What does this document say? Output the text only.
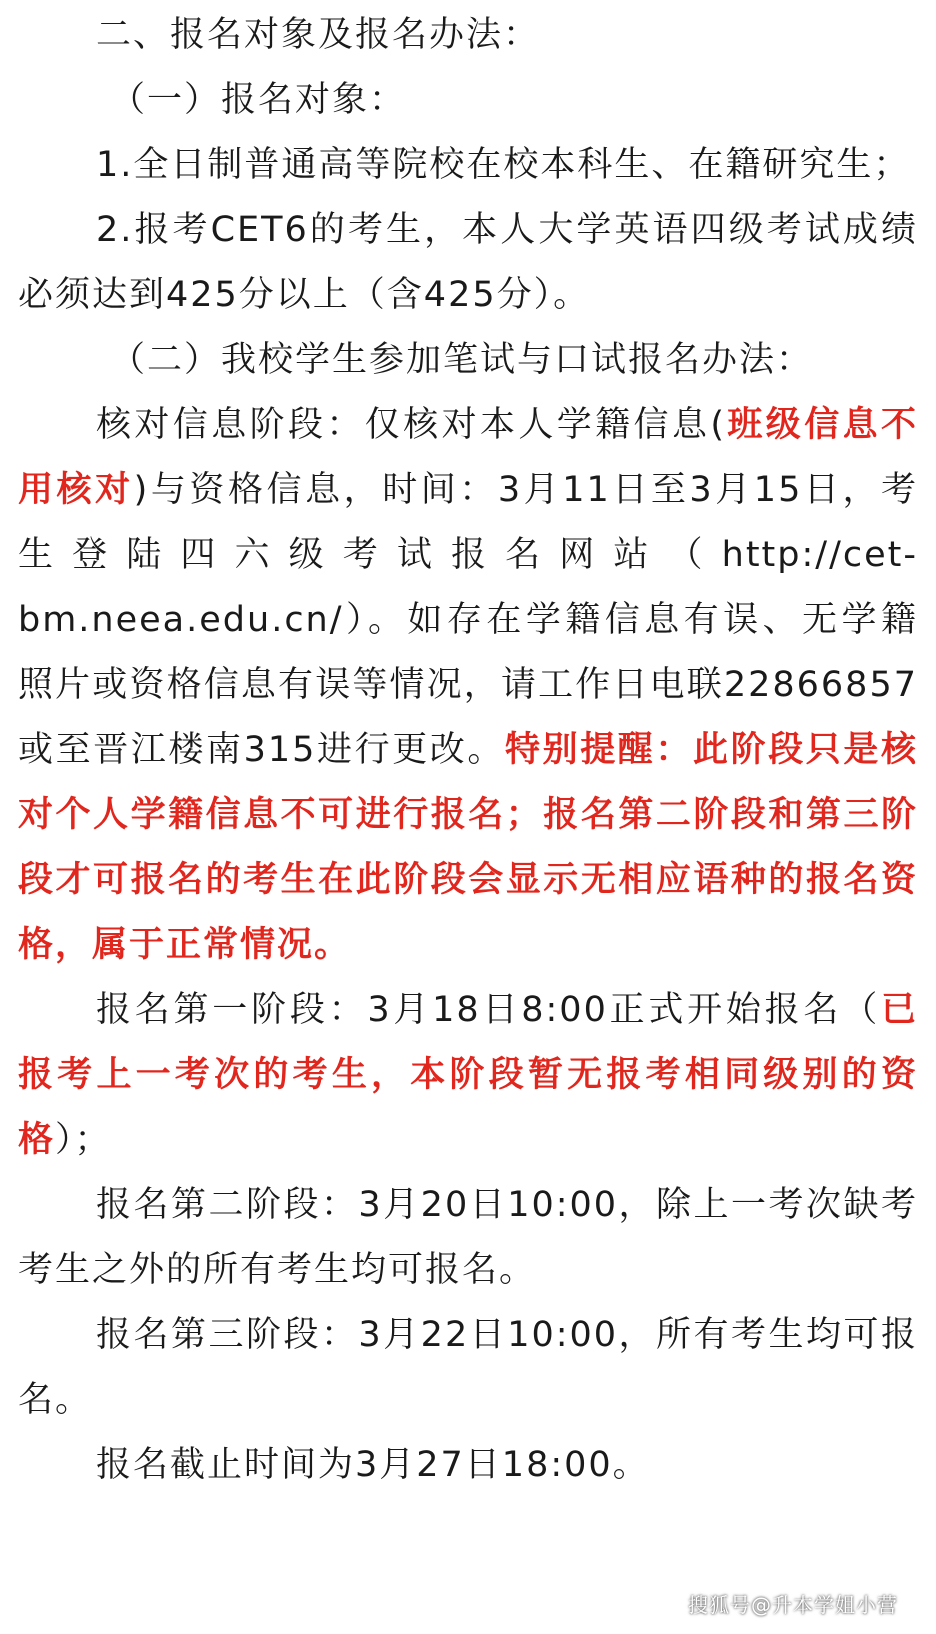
二、报名对象及报名办法：

（一）报名对象：

1.全日制普通高等院校在校本科生、在籍研究生；

2.报考CET6的考生，本人大学英语四级考试成绩必须达到425分以上（含425分）。

（二）我校学生参加笔试与口试报名办法：

核对信息阶段：仅核对本人学籍信息(班级信息不用核对)与资格信息，时间：3月11日至3月15日，考生登陆四六级考试报名网站（http://cet-bm.neea.edu.cn/）。如存在学籍信息有误、无学籍照片或资格信息有误等情况，请工作日电联22866857或至晋江楼南315进行更改。特别提醒：此阶段只是核对个人学籍信息不可进行报名；报名第二阶段和第三阶段才可报名的考生在此阶段会显示无相应语种的报名资格，属于正常情况。

报名第一阶段：3月18日8:00正式开始报名（已报考上一考次的考生，本阶段暂无报考相同级别的资格）；

报名第二阶段：3月20日10:00，除上一考次缺考考生之外的所有考生均可报名。

报名第三阶段：3月22日10:00，所有考生均可报名。

报名截止时间为3月27日18:00。

搜狐号@升本学姐小营
